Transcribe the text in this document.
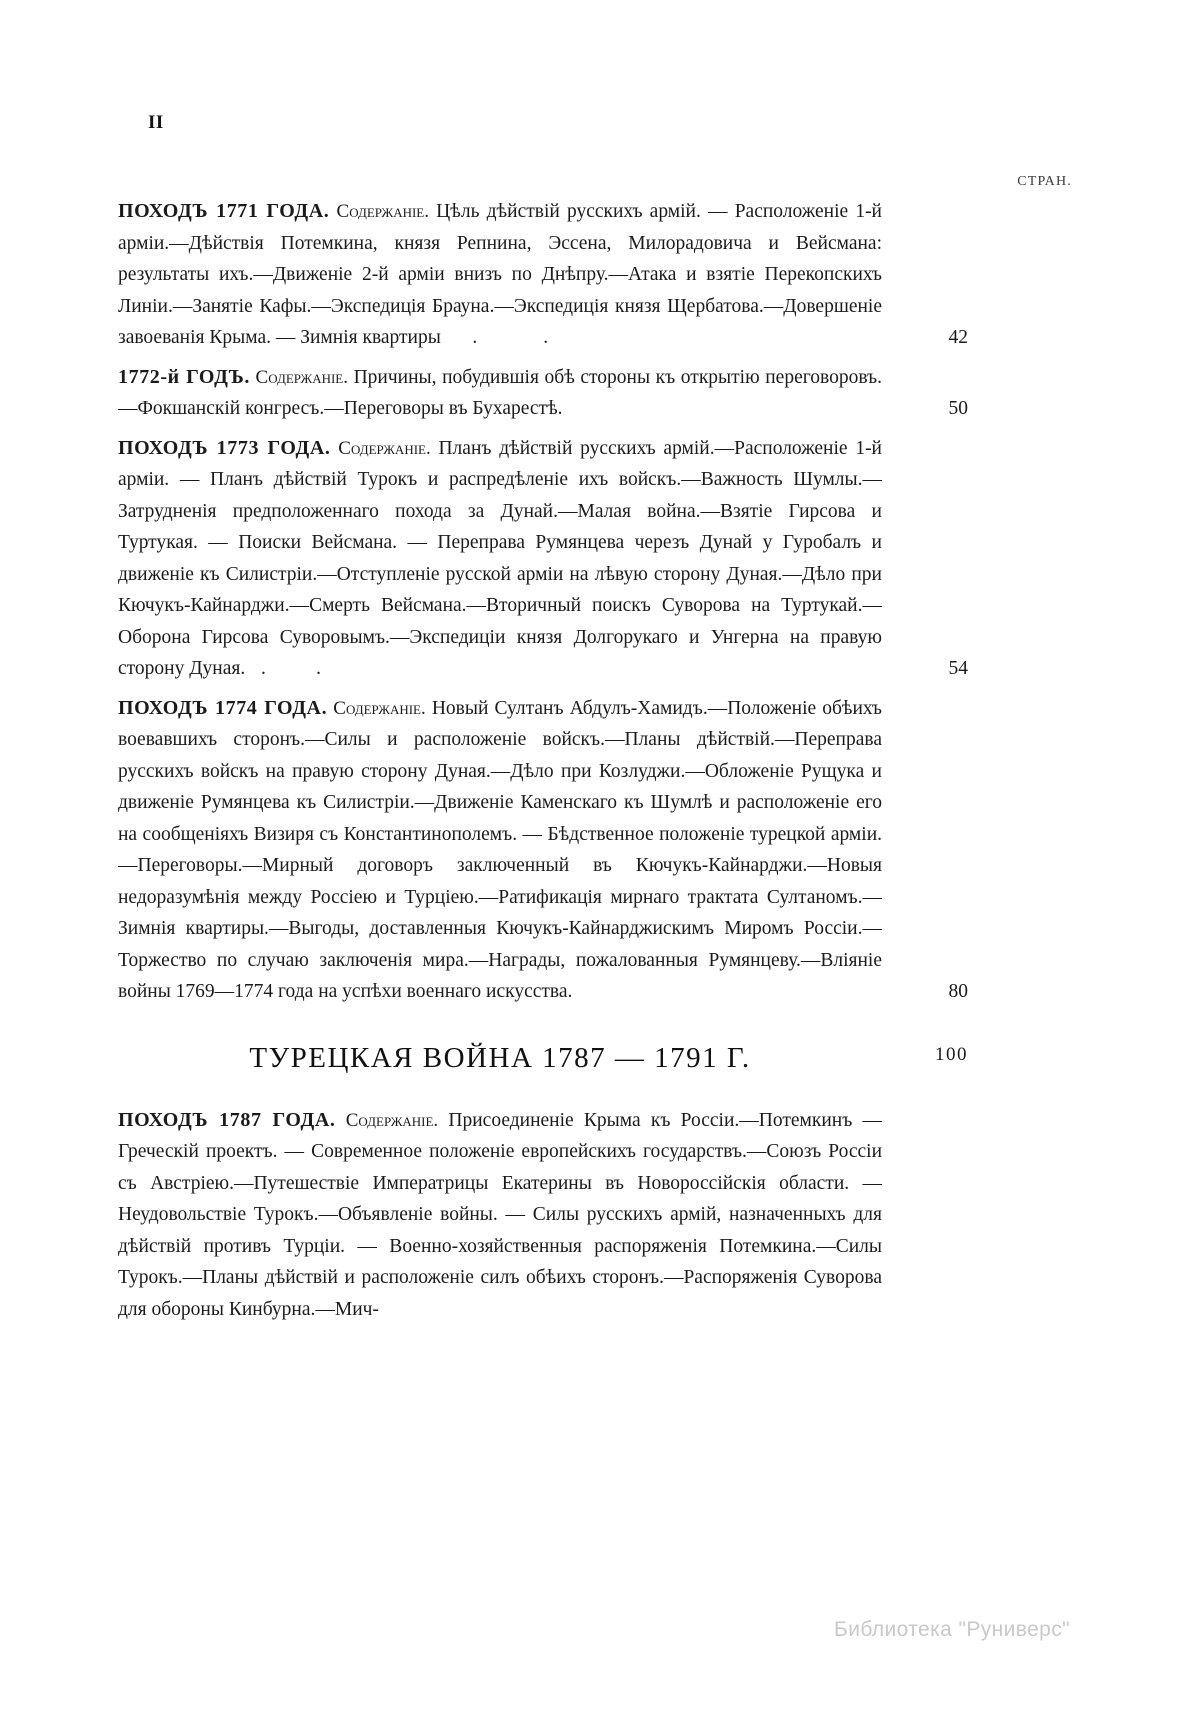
II
СТРАН.
ПОХОДЪ 1771 ГОДА. Содержаніе. Цѣль дѣйствій русскихъ армій. — Расположеніе 1-й арміи.—Дѣйствія Потемкина, князя Репнина, Эссена, Милорадовича и Вейсмана: результаты ихъ.—Движеніе 2-й арміи внизъ по Днѣпру.—Атака и взятіе Перекопскихъ Линіи.—Занятіе Кафы.—Экспедиція Брауна.—Экспедиція князя Щербатова.—Довершеніе завоеванія Крыма. — Зимнія квартиры    .        .	42
1772-й ГОДЪ. Содержаніе. Причины, побудившія обѣ стороны къ открытію переговоровъ.—Фокшанскій конгресъ.—Переговоры въ Бухарестѣ.	50
ПОХОДЪ 1773 ГОДА. Содержаніе. Планъ дѣйствій русскихъ армій.—Расположеніе 1-й арміи. — Планъ дѣйствій Турокъ и распредѣленіе ихъ войскъ.—Важность Шумлы.—Затрудненія предположеннаго похода за Дунай.—Малая война.—Взятіе Гирсова и Туртукая. — Поиски Вейсмана. — Переправа Румянцева черезъ Дунай у Гуробалъ и движеніе къ Силистріи.—Отступленіе русской арміи на лѣвую сторону Дуная.—Дѣло при Кючукъ-Кайнарджи.—Смерть Вейсмана.—Вторичный поискъ Суворова на Туртукай.—Оборона Гирсова Суворовымъ.—Экспедиціи князя Долгорукаго и Унгерна на правую сторону Дуная.  .      .	54
ПОХОДЪ 1774 ГОДА. Содержаніе. Новый Султанъ Абдулъ-Хамидъ.—Положеніе обѣихъ воевавшихъ сторонъ.—Силы и расположеніе войскъ.—Планы дѣйствій.—Переправа русскихъ войскъ на правую сторону Дуная.—Дѣло при Козлуджи.—Обложеніе Рущука и движеніе Румянцева къ Силистріи.—Движеніе Каменскаго къ Шумлѣ и расположеніе его на сообщеніяхъ Визиря съ Константинополемъ. — Бѣдственное положеніе турецкой арміи.—Переговоры.—Мирный договоръ заключенный въ Кючукъ-Кайнарджи.—Новыя недоразумѣнія между Россіею и Турціею.—Ратификація мирнаго трактата Султаномъ.—Зимнія квартиры.—Выгоды, доставленныя Кючукъ-Кайнарджискимъ Миромъ Россіи.—Торжество по случаю заключенія мира.—Награды, пожалованныя Румянцеву.—Вліяніе войны 1769—1774 года на успѣхи военнаго искусства.	80
ТУРЕЦКАЯ ВОЙНА 1787 — 1791 Г.	100
ПОХОДЪ 1787 ГОДА. Содержаніе. Присоединеніе Крыма къ Россіи.—Потемкинъ —Греческій проектъ. — Современное положеніе европейскихъ государствъ.—Союзъ Россіи съ Австріею.—Путешествіе Императрицы Екатерины въ Новороссійскія области. — Неудовольствіе Турокъ.—Объявленіе войны. — Силы русскихъ армій, назначенныхъ для дѣйствій противъ Турціи. — Военно-хозяйственныя распоряженія Потемкина.—Силы Турокъ.—Планы дѣйствій и расположеніе силъ обѣихъ сторонъ.—Распоряженія Суворова для обороны Кинбурна.—Мич-
Библиотека "Руниверс"
